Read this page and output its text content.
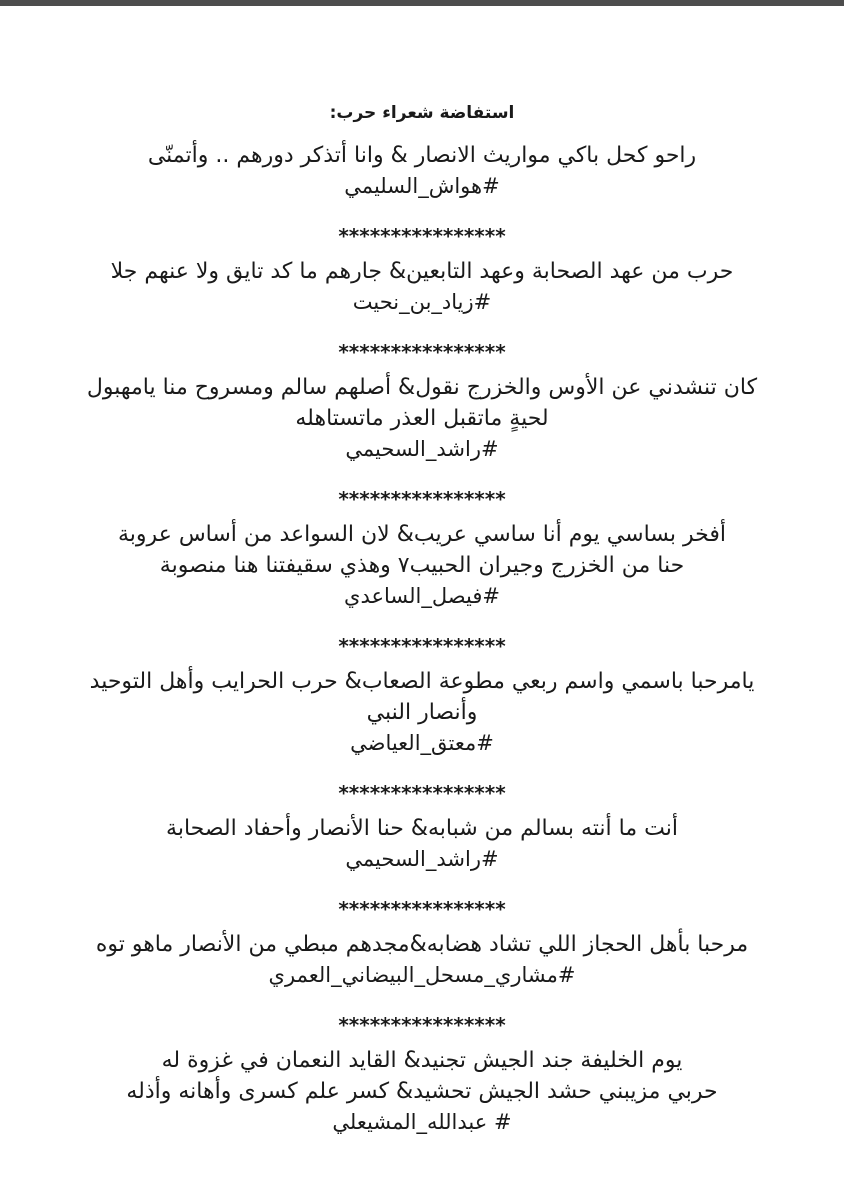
استفاضة شعراء حرب:
راحو كحل باكي مواريث الانصار & وانا أتذكر دورهم .. وأتمنّى
#هواش_السليمي
****************
حرب من عهد الصحابة وعهد التابعين& جارهم ما كد تايق ولا عنهم جلا
#زياد_بن_نحيت
****************
كان تنشدني عن الأوس والخزرج نقول& أصلهم سالم ومسروح منا يامهبول
لحيةٍ ماتقبل العذر ماتستاهله
#راشد_السحيمي
****************
أفخر بساسي يوم أنا ساسي عريب& لان السواعد من أساس عروبة
حنا من الخزرج وجيران الحبيب٧ وهذي سقيفتنا هنا منصوبة
#فيصل_الساعدي
****************
يامرحبا باسمي واسم ربعي مطوعة الصعاب& حرب الحرايب وأهل التوحيد وأنصار النبي
#معتق_العياضي
****************
أنت ما أنته بسالم من شبابه& حنا الأنصار وأحفاد الصحابة
#راشد_السحيمي
****************
مرحبا بأهل الحجاز اللي تشاد هضابه&مجدهم مبطي من الأنصار ماهو توه
#مشاري_مسحل_البيضاني_العمري
****************
يوم الخليفة جند الجيش تجنيد& القايد النعمان في غزوة له
حربي مزيبني حشد الجيش تحشيد& كسر علم كسرى وأهانه وأذله
# عبدالله_المشيعلي
